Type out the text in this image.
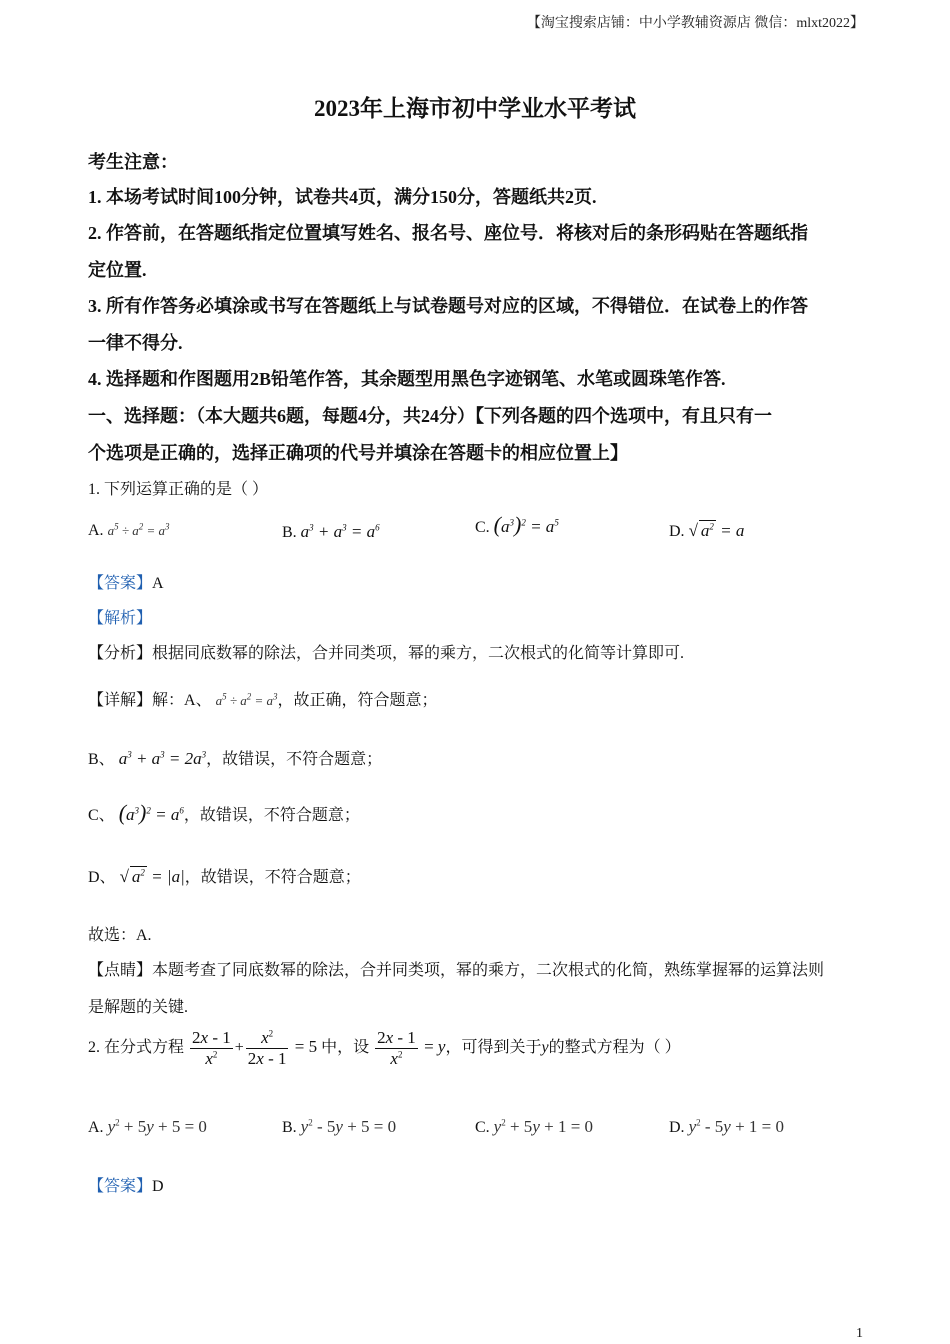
【淘宝搜索店铺：中小学教辅资源店 微信：mlxt2022】
2023年上海市初中学业水平考试
考生注意：
1. 本场考试时间100分钟，试卷共4页，满分150分，答题纸共2页.
2. 作答前，在答题纸指定位置填写姓名、报名号、座位号．将核对后的条形码贴在答题纸指
定位置.
3. 所有作答务必填涂或书写在答题纸上与试卷题号对应的区域，不得错位．在试卷上的作答
一律不得分.
4. 选择题和作图题用2B铅笔作答，其余题型用黑色字迹钢笔、水笔或圆珠笔作答.
一、选择题：（本大题共6题，每题4分，共24分）【下列各题的四个选项中，有且只有一
个选项是正确的，选择正确项的代号并填涂在答题卡的相应位置上】
1. 下列运算正确的是（ ）
A. $a^5 \div a^2 = a^3$	B. $a^3 + a^3 = a^6$	C. $(a^3)^2 = a^5$
D. √ $a^2 = a$
【答案】A
【解析】
【分析】根据同底数幂的除法，合并同类项，幂的乘方，二次根式的化简等计算即可.
【详解】解：A、 $a^5 \div a^2 = a^3$，故正确，符合题意；
B、 $a^3 + a^3 = 2a^3$，故错误，不符合题意；
C、 $(a^3)^2 = a^6$，故错误，不符合题意；
D、 √ $a^2 = |a|$，故错误，不符合题意；
故选：A.
【点睛】本题考查了同底数幂的除法，合并同类项，幂的乘方，二次根式的化简，熟练掌握幂的运算法则
是解题的关键.
2. 在分式方程 $\frac{2x - 1}{x^2} + \frac{x^2}{2x - 1} = 5$ 中，设 $\frac{2x - 1}{x^2} = y$，可得到关于y的整式方程为（ ）
A. $y^2 + 5y + 5 = 0$	B. $y^2 - 5y + 5 = 0$	C. $y^2 + 5y + 1 = 0$	D. $y^2 - 5y + 1 = 0$
【答案】D
1
